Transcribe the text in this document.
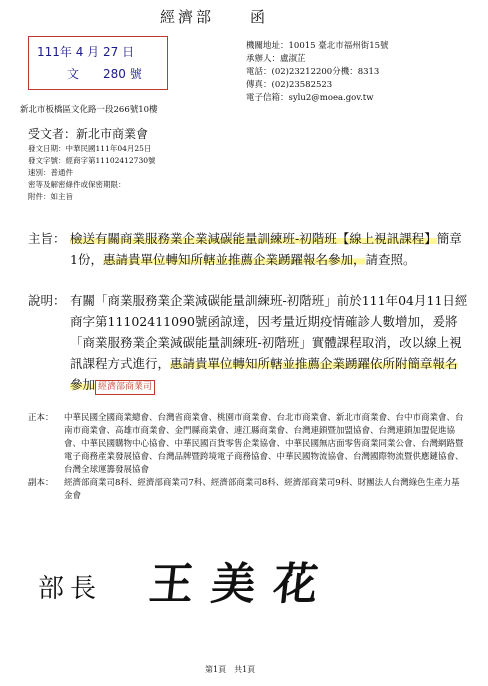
經濟部　　函
111年 4 月 27 日
文　　280 號
機關地址：10015 臺北市福州街15號
承辦人：盧淑芷
電話：(02)23212200分機：8313
傳真：(02)23582523
電子信箱：sylu2@moea.gov.tw
新北市板橋區文化路一段266號10樓
受文者：新北市商業會
發文日期：中華民國111年04月25日
發文字號：經商字第11102412730號
速別：普通件
密等及解密條件或保密期限：
附件：如主旨
主旨： 檢送有關商業服務業企業減碳能量訓練班-初階班【線上視訊課程】簡章1份，惠請貴單位轉知所轄並推薦企業踴躍報名參加，請查照。
說明： 有關「商業服務業企業減碳能量訓練班-初階班」前於111年04月11日經商字第11102411090號函諒達，因考量近期疫情確診人數增加，爰將「商業服務業企業減碳能量訓練班-初階班」實體課程取消，改以線上視訊課程方式進行，惠請貴單位轉知所轄並推薦企業踴躍依所附簡章報名參加 經濟部商業司
正本： 中華民國全國商業總會、台灣省商業會、桃園市商業會、台北市商業會、新北市商業會、台中市商業會、台南市商業會、高雄市商業會、金門縣商業會、連江縣商業會、台灣連鎖暨加盟協會、台灣連鎖加盟促進協會、中華民國購物中心協會、中華民國百貨零售企業協會、中華民國無店面零售商業同業公會、台灣網路暨電子商務產業發展協會、台灣品牌暨跨境電子商務協會、中華民國物流協會、台灣國際物流暨供應鏈協會、台灣全球運籌發展協會
副本： 經濟部商業司8科、經濟部商業司7科、經濟部商業司8科、經濟部商業司9科、財團法人台灣綠色生產力基金會
部長 王美花
第1頁　共1頁
